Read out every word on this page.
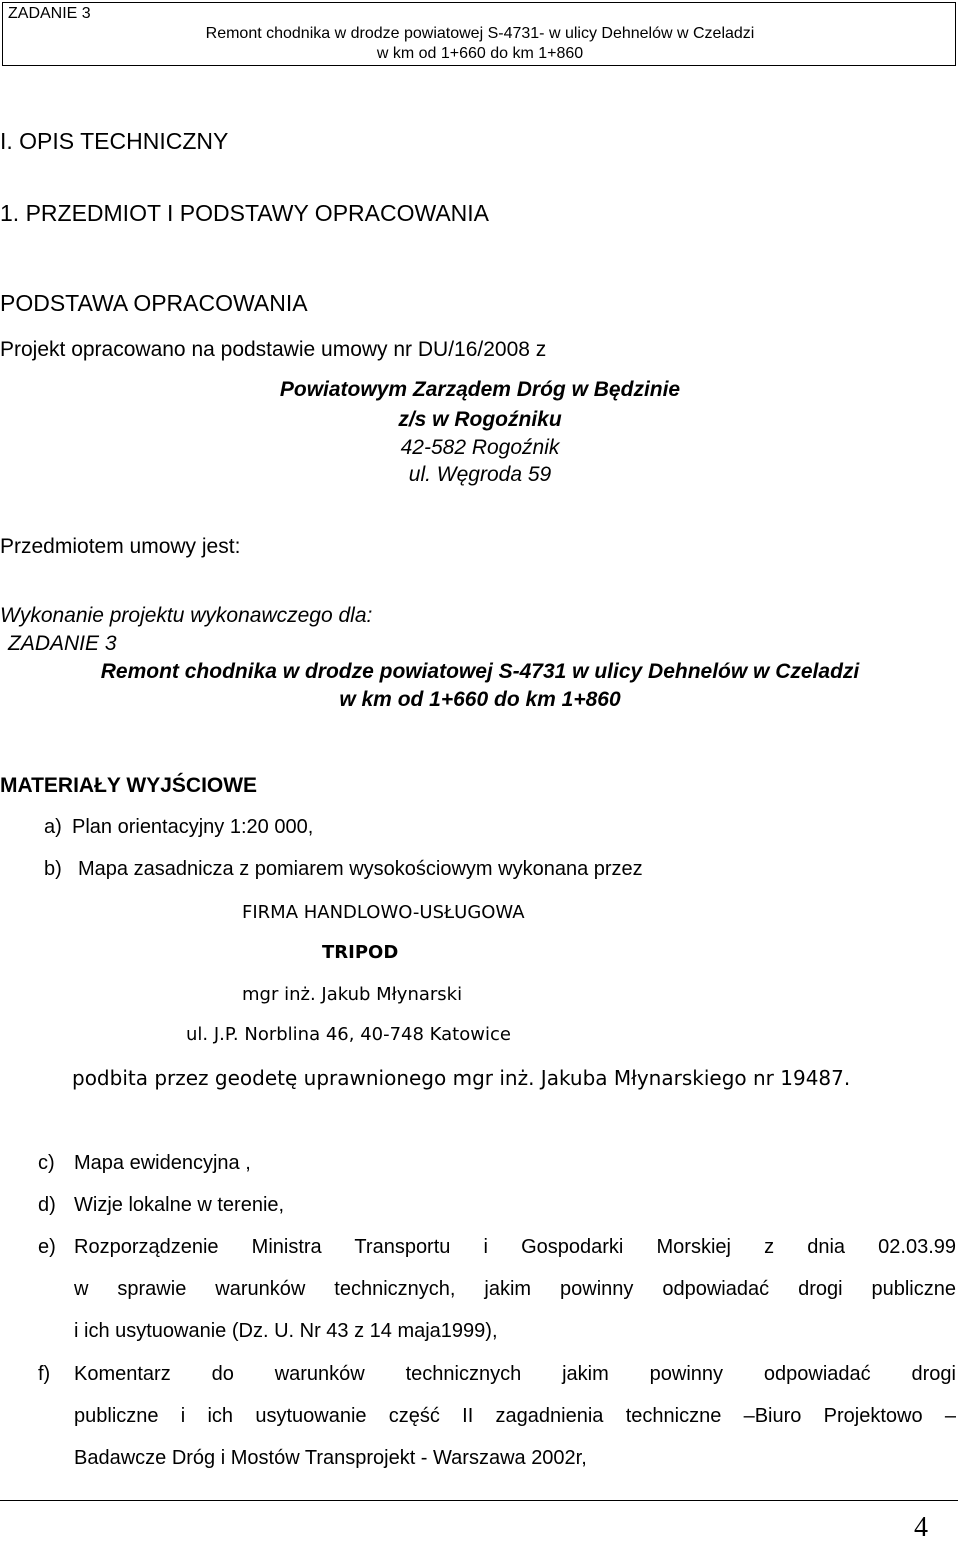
ZADANIE 3
Remont chodnika w drodze powiatowej S-4731- w ulicy Dehnelów w Czeladzi
w km od 1+660 do km 1+860
I. OPIS TECHNICZNY
1. PRZEDMIOT I PODSTAWY OPRACOWANIA
PODSTAWA OPRACOWANIA
Projekt opracowano na podstawie umowy nr DU/16/2008 z
Powiatowym Zarządem Dróg w Będzinie
z/s w Rogoźniku
42-582 Rogoźnik
ul. Węgroda 59
Przedmiotem umowy jest:
Wykonanie projektu wykonawczego dla:
ZADANIE 3
Remont chodnika w drodze powiatowej S-4731 w ulicy Dehnelów w Czeladzi
w km od 1+660 do km 1+860
MATERIAŁY WYJŚCIOWE
a) Plan orientacyjny 1:20 000,
b) Mapa zasadnicza z pomiarem wysokościowym wykonana przez
FIRMA HANDLOWO-USŁUGOWA
TRIPOD
mgr inż. Jakub Młynarski
ul. J.P. Norblina 46, 40-748 Katowice
podbita przez geodetę uprawnionego mgr inż. Jakuba Młynarskiego nr 19487.
c) Mapa ewidencyjna ,
d) Wizje lokalne w terenie,
e) Rozporządzenie Ministra Transportu i Gospodarki Morskiej z dnia 02.03.99
w sprawie warunków technicznych, jakim powinny odpowiadać drogi publiczne
i ich usytuowanie (Dz. U. Nr 43 z 14 maja1999),
f) Komentarz do warunków technicznych jakim powinny odpowiadać drogi
publiczne i ich usytuowanie część II zagadnienia techniczne –Biuro Projektowo –
Badawcze Dróg i Mostów Transprojekt - Warszawa 2002r,
4
